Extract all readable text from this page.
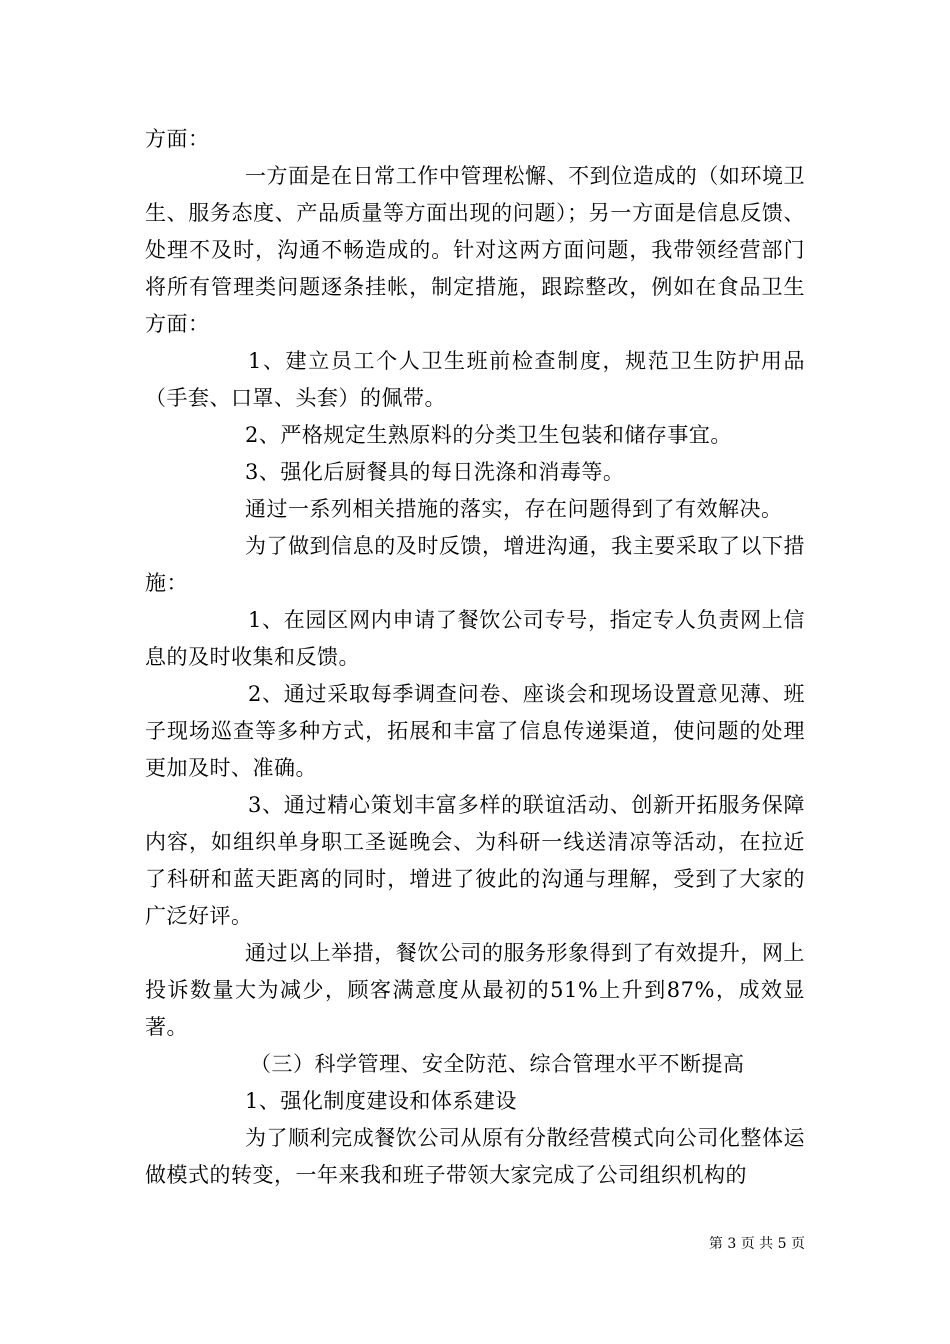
方面：

一方面是在日常工作中管理松懈、不到位造成的（如环境卫生、服务态度、产品质量等方面出现的问题）；另一方面是信息反馈、处理不及时，沟通不畅造成的。针对这两方面问题，我带领经营部门将所有管理类问题逐条挂帐，制定措施，跟踪整改，例如在食品卫生方面：

1、建立员工个人卫生班前检查制度，规范卫生防护用品（手套、口罩、头套）的佩带。

2、严格规定生熟原料的分类卫生包装和储存事宜。

3、强化后厨餐具的每日洗涤和消毒等。

通过一系列相关措施的落实，存在问题得到了有效解决。

为了做到信息的及时反馈，增进沟通，我主要采取了以下措施：

1、在园区网内申请了餐饮公司专号，指定专人负责网上信息的及时收集和反馈。

2、通过采取每季调查问卷、座谈会和现场设置意见薄、班子现场巡查等多种方式，拓展和丰富了信息传递渠道，使问题的处理更加及时、准确。

3、通过精心策划丰富多样的联谊活动、创新开拓服务保障内容，如组织单身职工圣诞晚会、为科研一线送清凉等活动，在拉近了科研和蓝天距离的同时，增进了彼此的沟通与理解，受到了大家的广泛好评。

通过以上举措，餐饮公司的服务形象得到了有效提升，网上投诉数量大为减少，顾客满意度从最初的51%上升到87%，成效显著。

（三）科学管理、安全防范、综合管理水平不断提高

1、强化制度建设和体系建设

为了顺利完成餐饮公司从原有分散经营模式向公司化整体运做模式的转变，一年来我和班子带领大家完成了公司组织机构的

第 3 页 共 5 页
